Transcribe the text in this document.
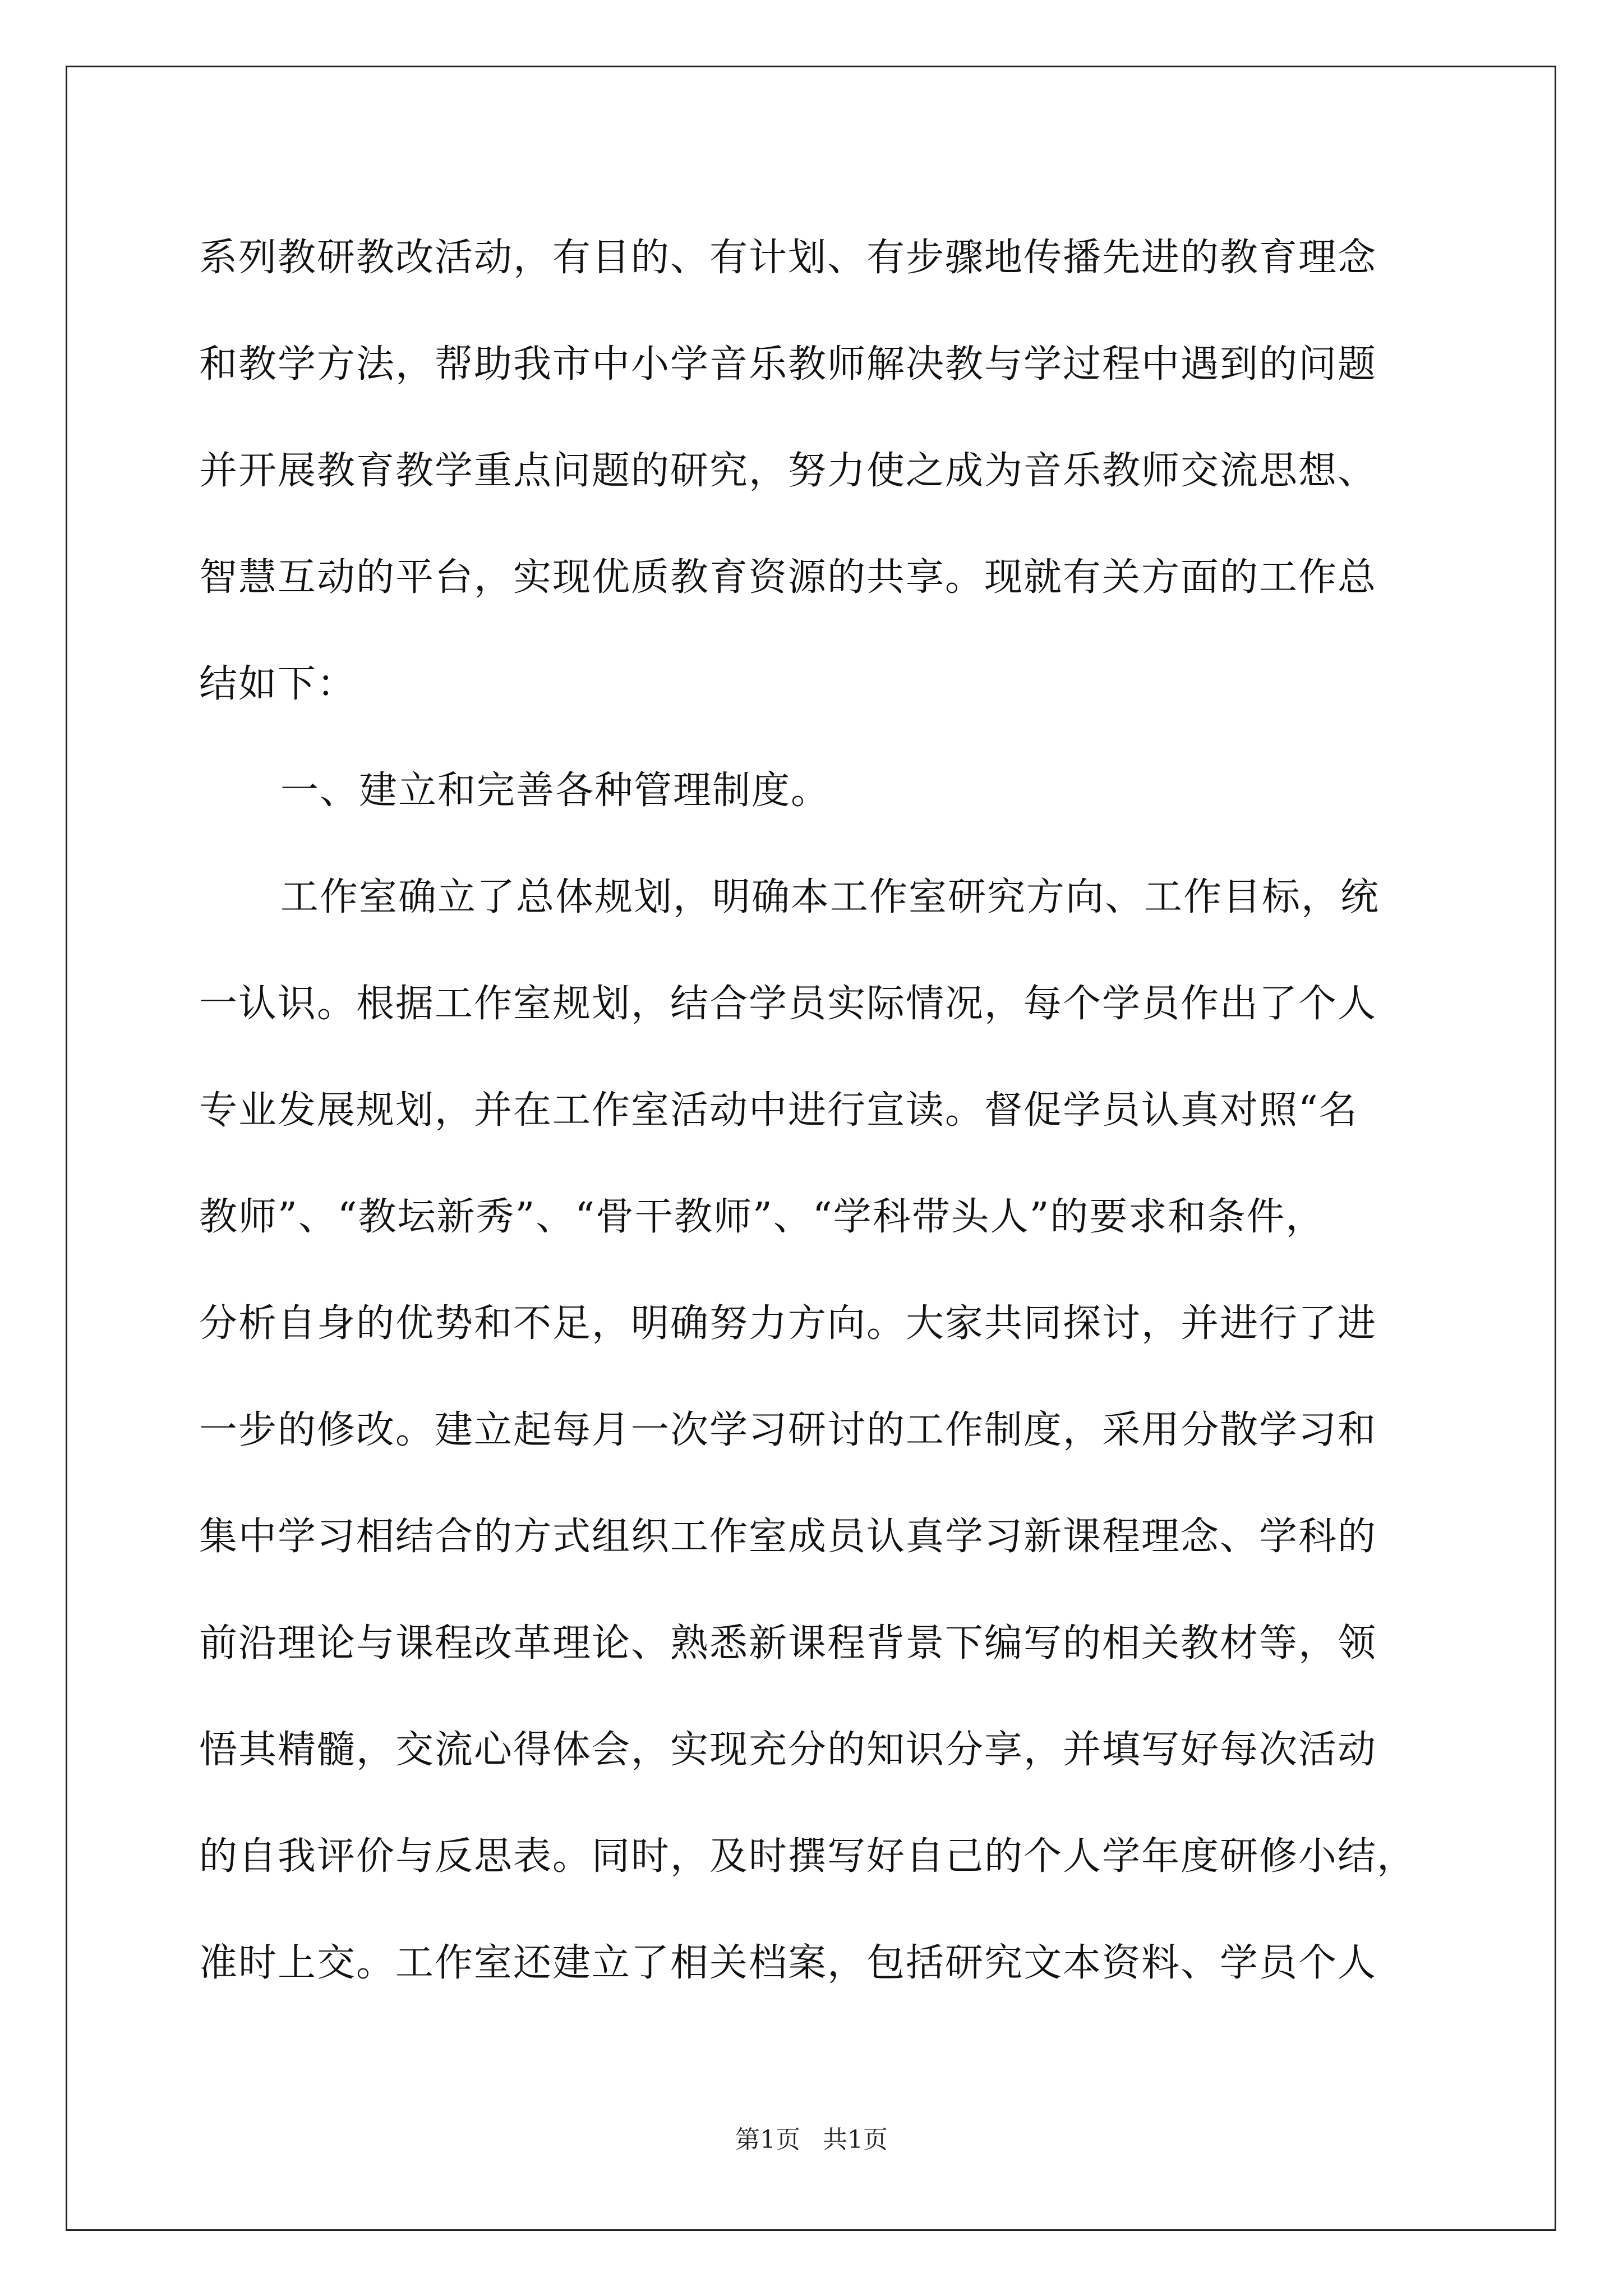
系列教研教改活动，有目的、有计划、有步骤地传播先进的教育理念
和教学方法，帮助我市中小学音乐教师解决教与学过程中遇到的问题
并开展教育教学重点问题的研究，努力使之成为音乐教师交流思想、
智慧互动的平台，实现优质教育资源的共享。现就有关方面的工作总
结如下：
一、建立和完善各种管理制度。
工作室确立了总体规划，明确本工作室研究方向、工作目标，统
一认识。根据工作室规划，结合学员实际情况，每个学员作出了个人
专业发展规划，并在工作室活动中进行宣读。督促学员认真对照“名
教师”、“教坛新秀”、“骨干教师”、“学科带头人”的要求和条件，
分析自身的优势和不足，明确努力方向。大家共同探讨，并进行了进
一步的修改。建立起每月一次学习研讨的工作制度，采用分散学习和
集中学习相结合的方式组织工作室成员认真学习新课程理念、学科的
前沿理论与课程改革理论、熟悉新课程背景下编写的相关教材等，领
悟其精髓，交流心得体会，实现充分的知识分享，并填写好每次活动
的自我评价与反思表。同时，及时撰写好自己的个人学年度研修小结，
准时上交。工作室还建立了相关档案，包括研究文本资料、学员个人
第1页 共1页
